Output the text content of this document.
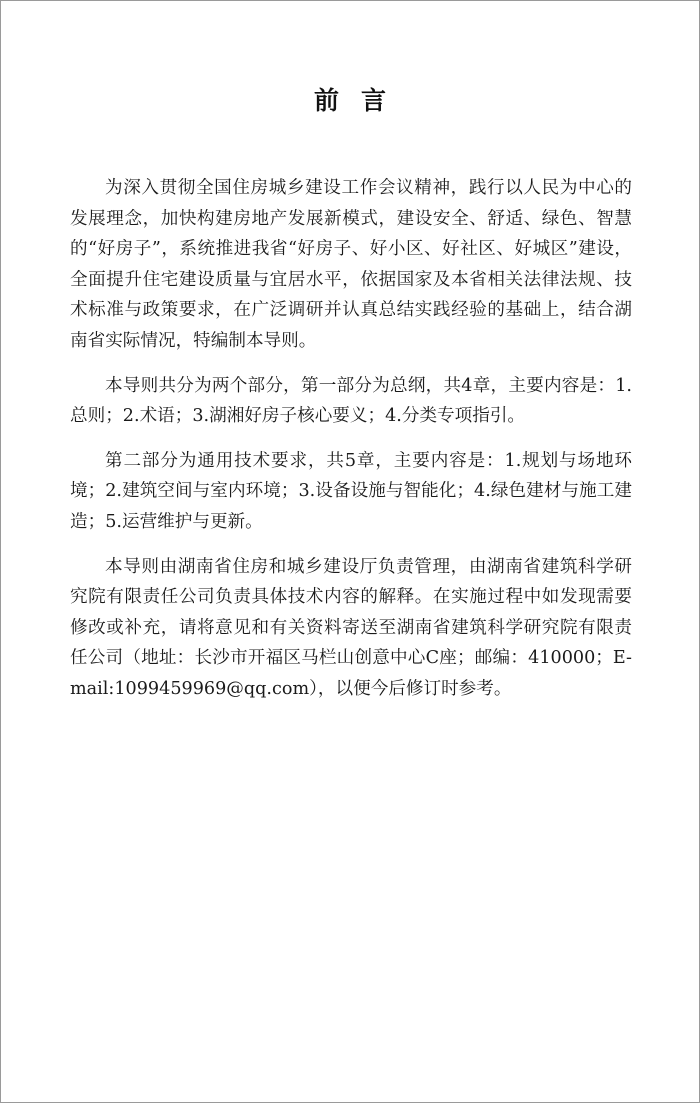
前言

为深入贯彻全国住房城乡建设工作会议精神，践行以人民为中心的发展理念，加快构建房地产发展新模式，建设安全、舒适、绿色、智慧的“好房子”，系统推进我省“好房子、好小区、好社区、好城区”建设，全面提升住宅建设质量与宜居水平，依据国家及本省相关法律法规、技术标准与政策要求，在广泛调研并认真总结实践经验的基础上，结合湖南省实际情况，特编制本导则。

本导则共分为两个部分，第一部分为总纲，共4章，主要内容是：1.总则；2.术语；3.湖湘好房子核心要义；4.分类专项指引。

第二部分为通用技术要求，共5章，主要内容是：1.规划与场地环境；2.建筑空间与室内环境；3.设备设施与智能化；4.绿色建材与施工建造；5.运营维护与更新。

本导则由湖南省住房和城乡建设厅负责管理，由湖南省建筑科学研究院有限责任公司负责具体技术内容的解释。在实施过程中如发现需要修改或补充，请将意见和有关资料寄送至湖南省建筑科学研究院有限责任公司（地址：长沙市开福区马栏山创意中心C座；邮编：410000；E-mail:1099459969@qq.com），以便今后修订时参考。
